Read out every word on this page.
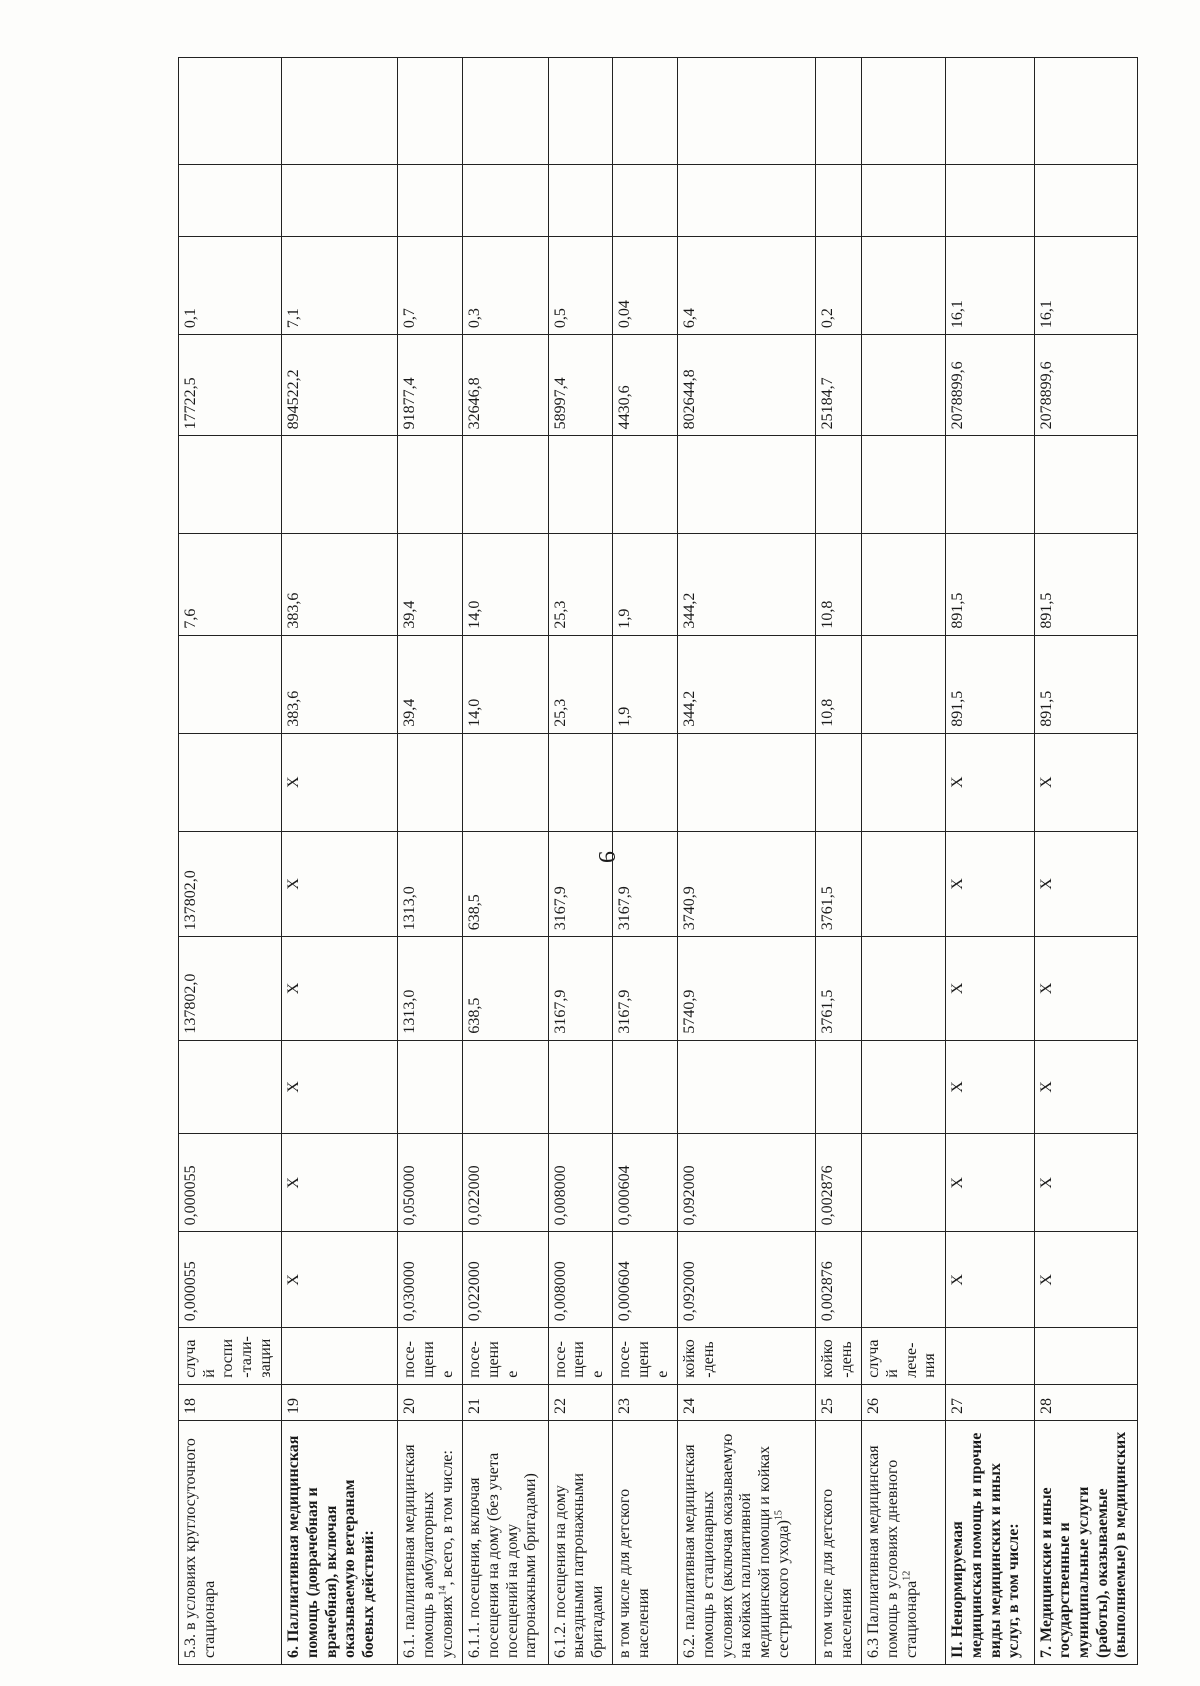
9
5.3. в условиях круглосуточного стационара	18	случай госпи-тали-зации	0,000055	0,000055		137802,0	137802,0			7,6		17722,5	0,1		
6. Паллиативная медицинская помощь (доврачебная и врачебная), включая оказываемую ветеранам боевых действий:	19		X	X	X	X	X	X	383,6	383,6		894522,2	7,1		
6.1. паллиативная медицинская помощь в амбулаторных условиях$^{14}$, всего, в том числе:	20	посе-щение	0,030000	0,050000		1313,0	1313,0		39,4	39,4		91877,4	0,7		
6.1.1. посещения, включая посещения на дому (без учета посещений на дому патронажными бригадами)	21	посе-щение	0,022000	0,022000		638,5	638,5		14,0	14,0		32646,8	0,3		
6.1.2. посещения на дому выездными патронажными бригадами	22	посе-щение	0,008000	0,008000		3167,9	3167,9		25,3	25,3		58997,4	0,5		
в том числе для детского населения	23	посе-щение	0,000604	0,000604		3167,9	3167,9		1,9	1,9		4430,6	0,04		
6.2. паллиативная медицинская помощь в стационарных условиях (включая оказываемую на койках паллиативной медицинской помощи и койках сестринского ухода)$^{15}$	24	койко-день	0,092000	0,092000		5740,9	3740,9		344,2	344,2		802644,8	6,4		
в том числе для детского населения	25	койко-день	0,002876	0,002876		3761,5	3761,5		10,8	10,8		25184,7	0,2		
6.3 Паллиативная медицинская помощь в условиях дневного стационара$^{12}$	26	случай лече-ния													
II. Ненормируемая медицинская помощь и прочие виды медицинских и иных услуг, в том числе:	27		X	X	X	X	X	X	891,5	891,5		2078899,6	16,1		
7. Медицинские и иные государственные и муниципальные услуги (работы), оказываемые (выполняемые) в медицинских	28		X	X	X	X	X	X	891,5	891,5		2078899,6	16,1		
